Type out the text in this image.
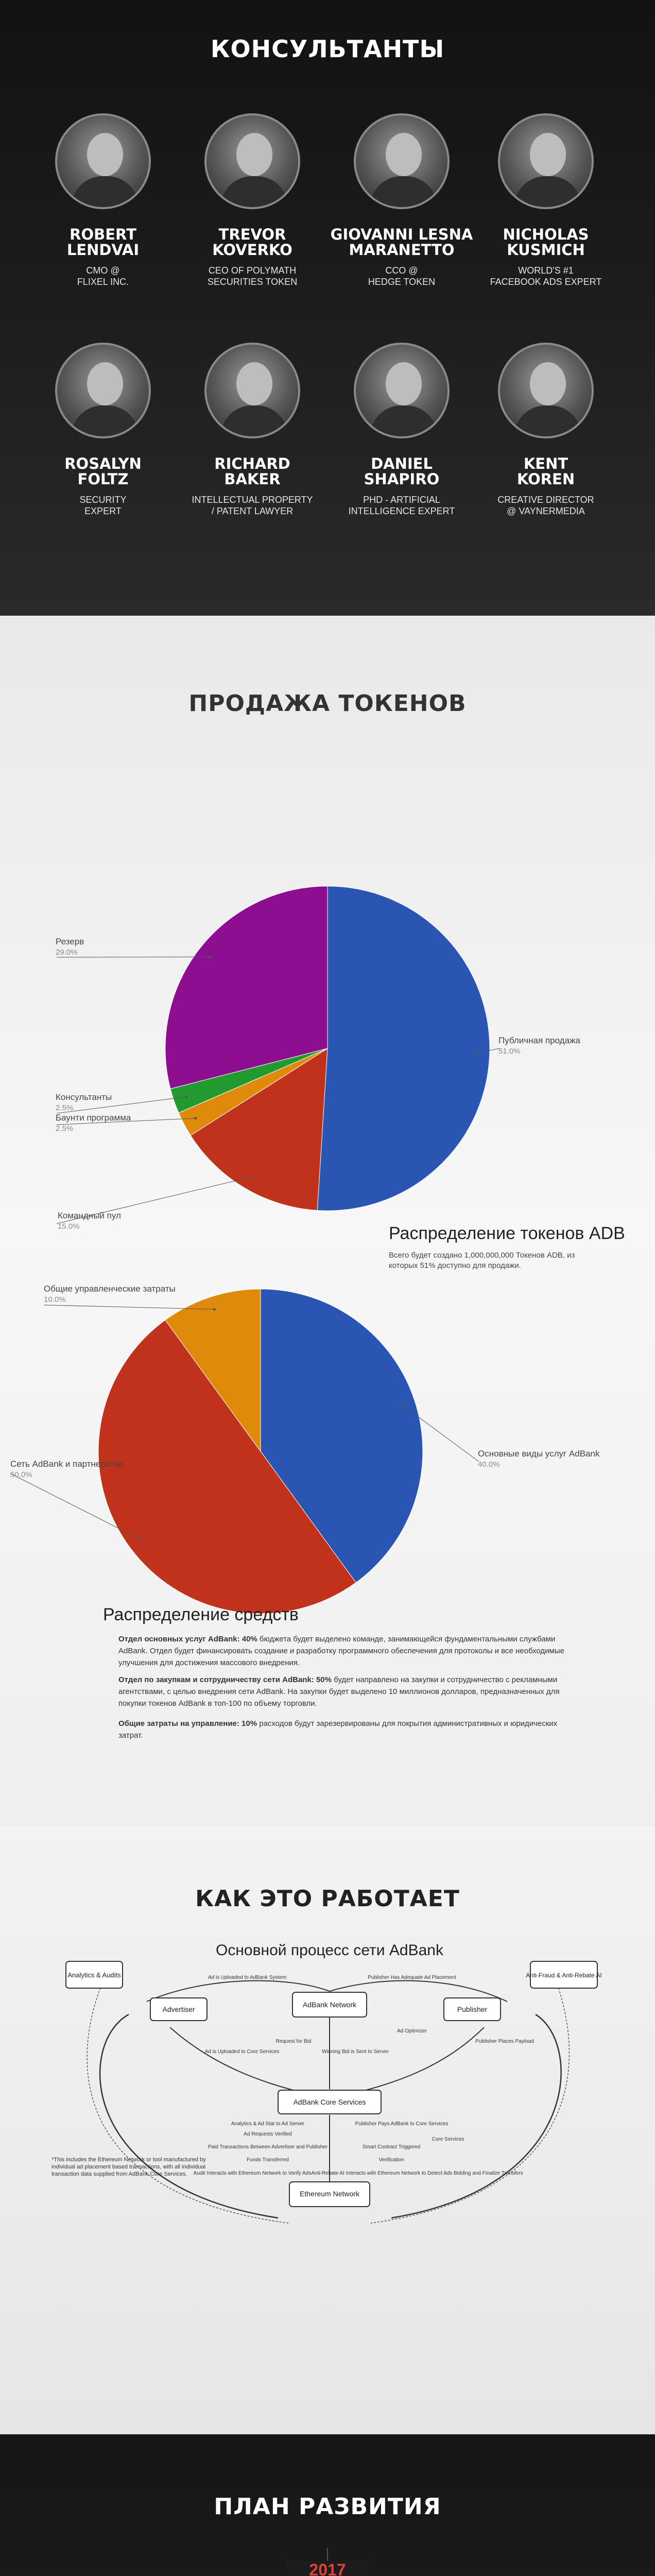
КОНСУЛЬТАНТЫ
ROBERT
LENDVAI
CMO @
FLIXEL INC.
TREVOR
KOVERKO
CEO OF POLYMATH
SECURITIES TOKEN
GIOVANNI LESNA
MARANETTO
CCO @
HEDGE TOKEN
NICHOLAS
KUSMICH
WORLD'S #1
FACEBOOK ADS EXPERT
ROSALYN
FOLTZ
SECURITY
EXPERT
RICHARD
BAKER
INTELLECTUAL PROPERTY
/ PATENT LAWYER
DANIEL
SHAPIRO
PHD - ARTIFICIAL
INTELLIGENCE EXPERT
KENT
KOREN
CREATIVE DIRECTOR
@ VAYNERMEDIA
ПРОДАЖА ТОКЕНОВ
Публичная продажа
51.0%
Командный пул
15.0%
Баунти программа
2.5%
Консультанты
2.5%
Резерв
29.0%
Распределение токенов ADB
Всего будет создано 1,000,000,000 Токенов ADB, из
которых 51% доступно для продажи.
Основные виды услуг AdBank
40.0%
Сеть AdBank и партнерства
50.0%
Общие управленческие затраты
10.0%
Распределение средств

Отдел основных услуг AdBank: 40% бюджета будет выделено команде, занимающейся фундаментальными службами AdBank. Отдел будет финансировать создание и разработку программного обеспечения для протоколы и все необходимые улучшения для достижения массового внедрения.

Отдел по закупкам и сотрудничеству сети AdBank: 50% будет направлено на закупки и сотрудничество с рекламными агентствами, с целью внедрения сети AdBank. На закупки будет выделено 10 миллионов долларов, предназначенных для покупки токенов AdBank в топ-100 по объему торговли.

Общие затраты на управление: 10% расходов будут зарезервированы для покрытия административных и юридических затрат.

КАК ЭТО РАБОТАЕТ
Основной процесс сети AdBank
Analytics & Audits	Anti-Fraud & Anti-Rebate AI
Advertiser
AdBank Network
Publisher
AdBank Core Services
Ethereum Network
Ad is Uploaded to AdBank System	Publisher Has Adequate Ad Placement
Ad Optimizer
Ad is Uploaded to Core Services
Request for Bid
Winning Bid is Sent to Server
Analytics & Ad Stat to Ad Server
Publisher Places Payload
Core Services
Publisher Pays AdBank to Core Services
Ad Requests Verified
Paid Transactions Between Advertiser and Publisher	Smart Contract Triggered
Funds Transferred	Verification
Audit Interacts with Ethereum Network to Verify Ads Anti-Rebate AI Interacts with Ethereum Network to Detect Ads Bidding and Finalize Transfers
*This includes the Ethereum Network or tool manufactured by individual ad placement based transactions, with all individual transaction data supplied from AdBank Core Services.
ПЛАН РАЗВИТИЯ
2017
